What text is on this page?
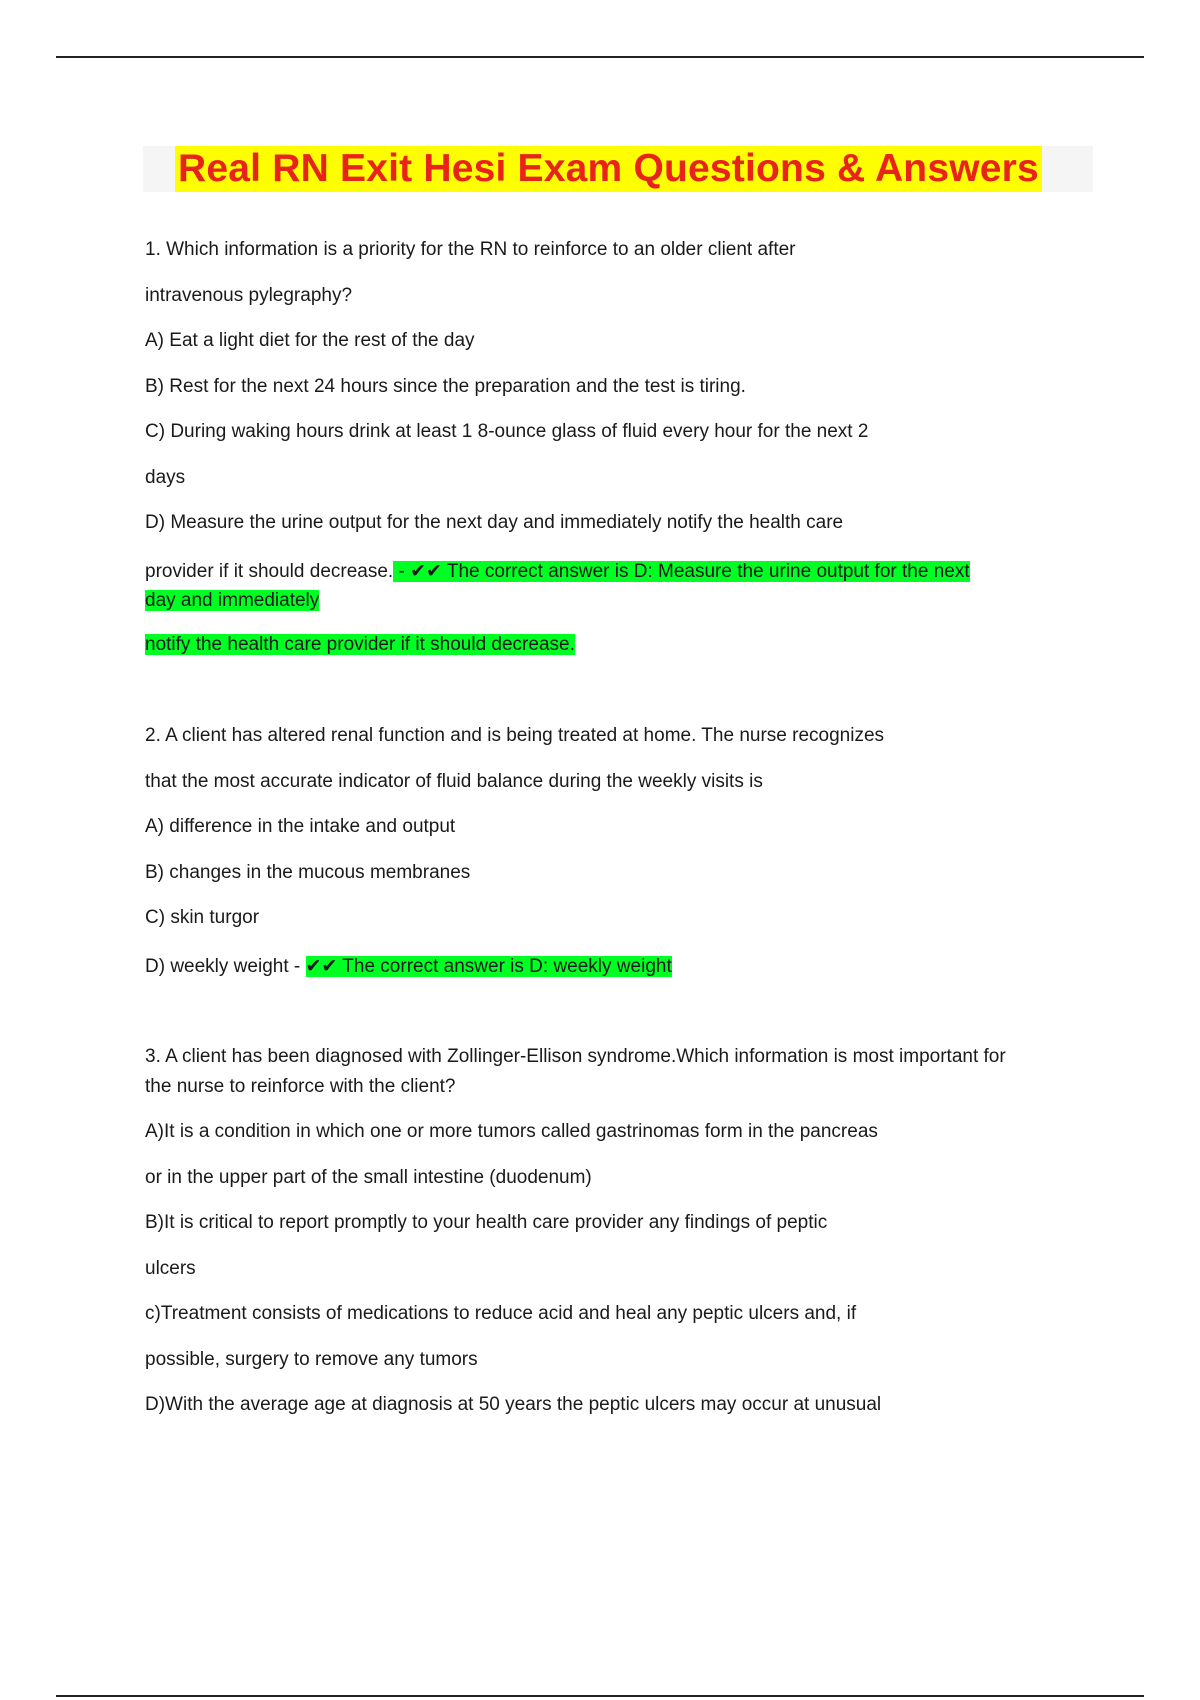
Real RN Exit Hesi Exam Questions & Answers
1. Which information is a priority for the RN to reinforce to an older client after
intravenous pylegraphy?
A) Eat a light diet for the rest of the day
B) Rest for the next 24 hours since the preparation and the test is tiring.
C) During waking hours drink at least 1 8-ounce glass of fluid every hour for the next 2
days
D) Measure the urine output for the next day and immediately notify the health care
provider if it should decrease. - ✔✔ The correct answer is D: Measure the urine output for the next
day and immediately
notify the health care provider if it should decrease.
2. A client has altered renal function and is being treated at home. The nurse recognizes
that the most accurate indicator of fluid balance during the weekly visits is
A) difference in the intake and output
B) changes in the mucous membranes
C) skin turgor
D) weekly weight - ✔✔ The correct answer is D: weekly weight
3. A client has been diagnosed with Zollinger-Ellison syndrome.Which information is most important for
the nurse to reinforce with the client?
A)It is a condition in which one or more tumors called gastrinomas form in the pancreas
or in the upper part of the small intestine (duodenum)
B)It is critical to report promptly to your health care provider any findings of peptic
ulcers
c)Treatment consists of medications to reduce acid and heal any peptic ulcers and, if
possible, surgery to remove any tumors
D)With the average age at diagnosis at 50 years the peptic ulcers may occur at unusual
